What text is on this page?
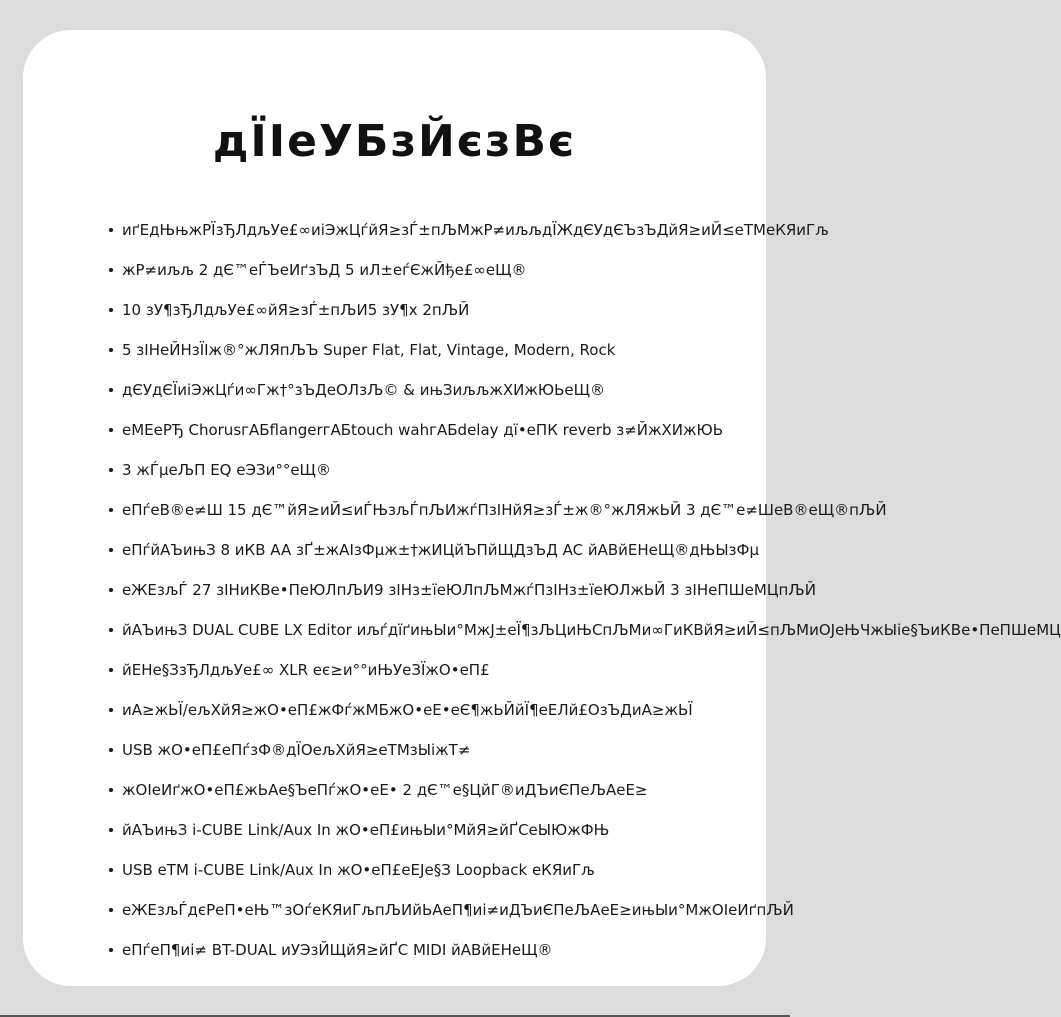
дЇІеУБзЙєзВє
иґЕдЊњжРЇзЂЛдљУе£∞иіЭжЦѓйЯ≥зЃ±пЉМжР≠иљљдЇЖдЄУдЄЪзЪДйЯ≥иЙ≤еТМеКЯиГљ
жР≠иљљ 2 дЄ™еЃЪеИґзЪД 5 иЛ±еѓЄжЙђе£∞еЩ®
10 зУ¶зЂЛдљУе£∞йЯ≥зЃ±пЉИ5 зУ¶x 2пЉЙ
5 зІНеЙНзЇІж®°жЛЯпЉЪ Super Flat, Flat, Vintage, Modern, Rock
дЄУдЄЇиіЭжЦѓи∞Гж†°зЪДеОЛзЉ© & ињЗиљљжХИжЮЬеЩ®
еМЕеРЂ ChorusгАБflangerгАБtouch wahгАБdelay дї•еПК reverb з≠ЙжХИжЮЬ
3 жЃµеЉП EQ еЭЗи°°еЩ®
еПѓеВ®е≠Ш 15 дЄ™йЯ≥иЙ≤иЃЊзљЃпЉИжѓПзІНйЯ≥зЃ±ж®°жЛЯжЬЙ 3 дЄ™е≠ШеВ®еЩ®пЉЙ
еПѓйАЪињЗ 8 иКВ AA зҐ±жАІзФµж±†жИЦйЪПйЩДзЪД AC йАВйЕНеЩ®дЊЫзФµ
еЖЕзљЃ 27 зІНиКВе•ПеЮЛпЉИ9 зІНз±їеЮЛпЉМжѓПзІНз±їеЮЛжЬЙ 3 зІНеПШеМЦпЉЙ
йАЪињЗ DUAL CUBE LX Editor иљѓдїґињЫи°МжЈ±еЇ¶зЉЦиЊСпЉМи∞ГиКВйЯ≥иЙ≤пЉМиОЈеЊЧжЫіе§ЪиКВе•ПеПШеМЦ
йЕНе§ЗзЂЛдљУе£∞ XLR еє≥и°°иЊУеЗЇжО•еП£
иА≥жЬЇ/ељХйЯ≥жО•еП£жФѓжМБжО•еЕ•еЄ¶жЬЙйЇ¶еЕЛй£ОзЪДиА≥жЬЇ
USB жО•еП£еПѓзФ®дЇОељХйЯ≥еТМзЫіжТ≠
жОІеИґжО•еП£жЬАе§ЪеПѓжО•еЕ• 2 дЄ™е§ЦйГ®иДЪиЄПеЉАеЕ≥
йАЪињЗ i-CUBE Link/Aux In жО•еП£ињЫи°МйЯ≥йҐСеЫЮжФЊ
USB еТМ i-CUBE Link/Aux In жО•еП£еЕЈе§З Loopback еКЯиГљ
еЖЕзљЃдєРеП•еЊ™зОѓеКЯиГљпЉИйЬАеП¶иі≠иДЪиЄПеЉАеЕ≥ињЫи°МжОІеИґпЉЙ
еПѓеП¶иі≠ BT-DUAL иУЭзЙЩйЯ≥йҐС MIDI йАВйЕНеЩ®
